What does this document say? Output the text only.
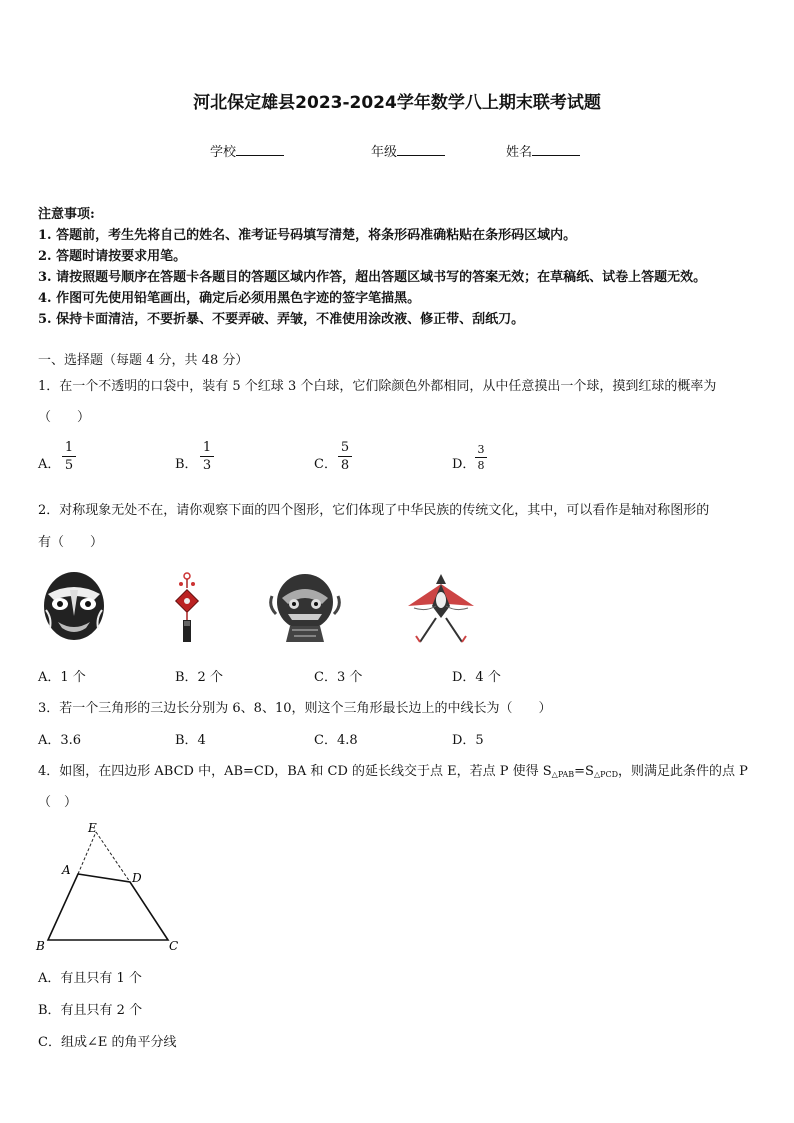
河北保定雄县2023-2024学年数学八上期末联考试题
学校	年级	姓名
注意事项:
1. 答题前，考生先将自己的姓名、准考证号码填写清楚，将条形码准确粘贴在条形码区域内。
2. 答题时请按要求用笔。
3. 请按照题号顺序在答题卡各题目的答题区域内作答，超出答题区域书写的答案无效；在草稿纸、试卷上答题无效。
4. 作图可先使用铅笔画出，确定后必须用黑色字迹的签字笔描黑。
5. 保持卡面清洁，不要折暴、不要弄破、弄皱，不准使用涂改液、修正带、刮纸刀。
一、选择题（每题 4 分，共 48 分）
1．在一个不透明的口袋中，装有 5 个红球 3 个白球，它们除颜色外都相同，从中任意摸出一个球，摸到红球的概率为
（　　）
A．
1
5	B．
1
3	C．
5
8	D．
3
8
2．对称现象无处不在，请你观察下面的四个图形，它们体现了中华民族的传统文化，其中，可以看作是轴对称图形的
有（　　）
A．1 个	B．2 个	C．3 个	D．4 个
3．若一个三角形的三边长分别为 6、8、10，则这个三角形最长边上的中线长为（　　）
A．3.6	B．4	C．4.8	D．5
4．如图，在四边形 ABCD 中，AB=CD，BA 和 CD 的延长线交于点 E，若点 P 使得 $S_{\triangle PAB}=S_{\triangle PCD}$，则满足此条件的点 P
（　）
E
A
D
B	C
A．有且只有 1 个
B．有且只有 2 个
C．组成∠E 的角平分线
